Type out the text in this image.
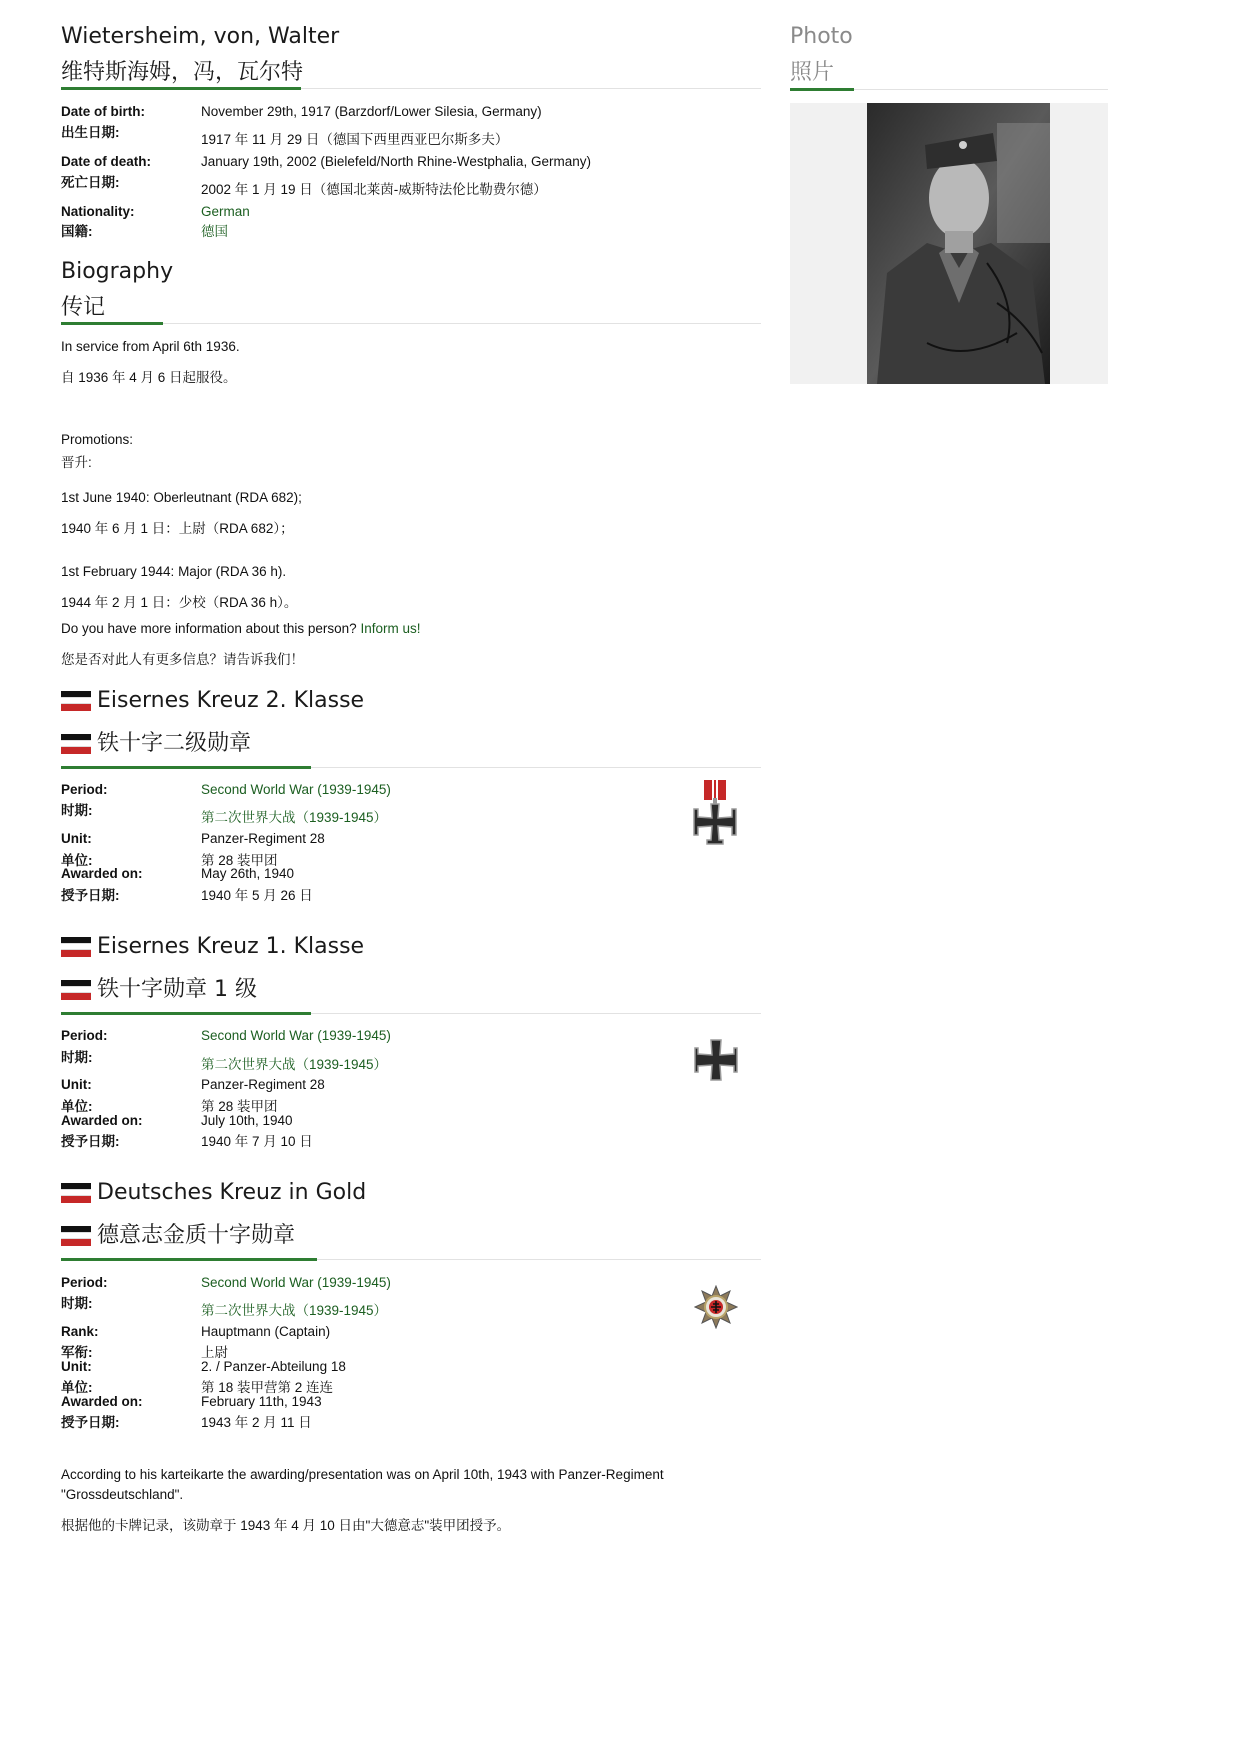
Wietersheim, von, Walter
维特斯海姆，冯，瓦尔特
Date of birth:
出生日期:
November 29th, 1917 (Barzdorf/Lower Silesia, Germany)
1917 年 11 月 29 日（德国下西里西亚巴尔斯多夫）
Date of death:
死亡日期:
January 19th, 2002 (Bielefeld/North Rhine-Westphalia, Germany)
2002 年 1 月 19 日（德国北莱茵-威斯特法伦比勒费尔德）
Nationality:
国籍:
German
德国
Biography
传记
In service from April 6th 1936.
自 1936 年 4 月 6 日起服役。
Promotions:
晋升:
1st June 1940: Oberleutnant (RDA 682);
1940 年 6 月 1 日：上尉（RDA 682）；
1st February 1944: Major (RDA 36 h).
1944 年 2 月 1 日：少校（RDA 36 h）。
Do you have more information about this person? Inform us!
您是否对此人有更多信息？请告诉我们！
Eisernes Kreuz 2. Klasse
铁十字二级勋章
Period:
时期:
Second World War (1939-1945)
第二次世界大战（1939-1945）
Unit:
单位:
Panzer-Regiment 28
第 28 装甲团
Awarded on:
授予日期:
May 26th, 1940
1940 年 5 月 26 日
Eisernes Kreuz 1. Klasse
铁十字勋章 1 级
Period:
时期:
Second World War (1939-1945)
第二次世界大战（1939-1945）
Unit:
单位:
Panzer-Regiment 28
第 28 装甲团
Awarded on:
授予日期:
July 10th, 1940
1940 年 7 月 10 日
Deutsches Kreuz in Gold
德意志金质十字勋章
Period:
时期:
Second World War (1939-1945)
第二次世界大战（1939-1945）
Rank:
军衔:
Hauptmann (Captain)
上尉
Unit:
单位:
2. / Panzer-Abteilung 18
第 18 装甲营第 2 连连
Awarded on:
授予日期:
February 11th, 1943
1943 年 2 月 11 日
According to his karteikarte the awarding/presentation was on April 10th, 1943 with Panzer-Regiment
"Grossdeutschland".
根据他的卡牌记录，该勋章于 1943 年 4 月 10 日由"大德意志"装甲团授予。
Photo
照片
